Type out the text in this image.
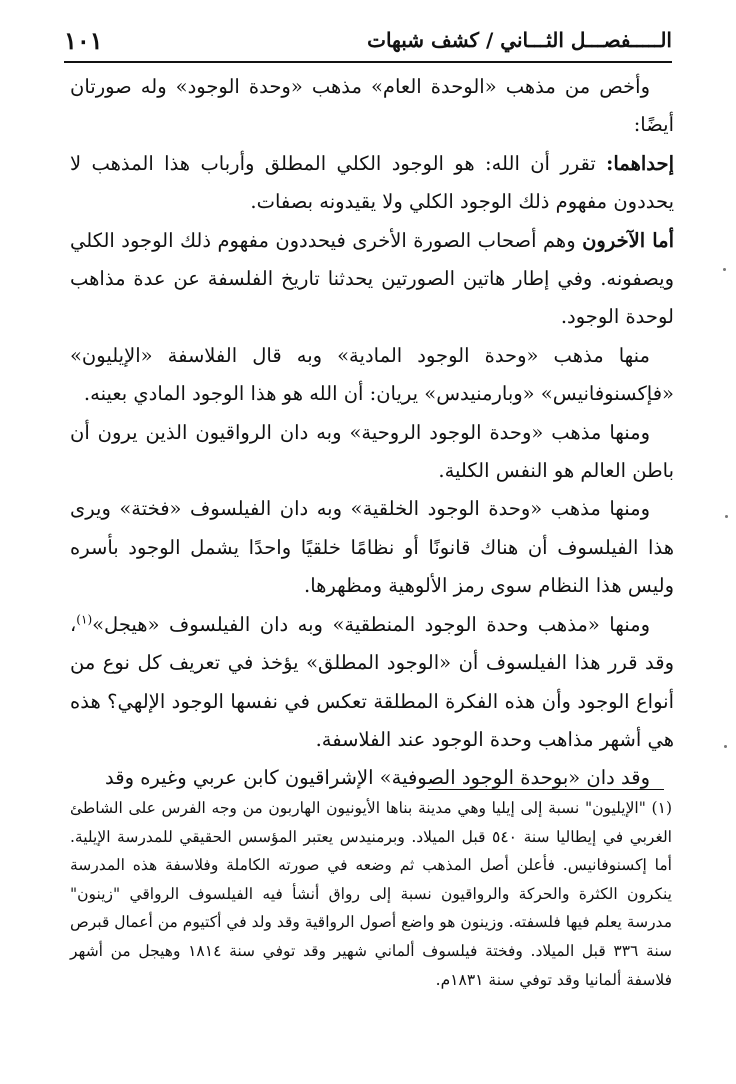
١٠١	الـــــفصـــل الثـــاني / كشف شبهات

وأخص من مذهب «الوحدة العام» مذهب «وحدة الوجود» وله صورتان أيضًا:

إحداهما: تقرر أن الله: هو الوجود الكلي المطلق وأرباب هذا المذهب لا يحددون مفهوم ذلك الوجود الكلي ولا يقيدونه بصفات.

أما الآخرون وهم أصحاب الصورة الأخرى فيحددون مفهوم ذلك الوجود الكلي ويصفونه. وفي إطار هاتين الصورتين يحدثنا تاريخ الفلسفة عن عدة مذاهب لوحدة الوجود.

منها مذهب «وحدة الوجود المادية» وبه قال الفلاسفة «الإيليون» «فإكسنوفانيس» «وبارمنيدس» يريان: أن الله هو هذا الوجود المادي بعينه.

ومنها مذهب «وحدة الوجود الروحية» وبه دان الرواقيون الذين يرون أن باطن العالم هو النفس الكلية.

ومنها مذهب «وحدة الوجود الخلقية» وبه دان الفيلسوف «فختة» ويرى هذا الفيلسوف أن هناك قانونًا أو نظامًا خلقيًا واحدًا يشمل الوجود بأسره وليس هذا النظام سوى رمز الألوهية ومظهرها.

ومنها «مذهب وحدة الوجود المنطقية» وبه دان الفيلسوف «هيجل»$^{(١)}$، وقد قرر هذا الفيلسوف أن «الوجود المطلق» يؤخذ في تعريف كل نوع من أنواع الوجود وأن هذه الفكرة المطلقة تعكس في نفسها الوجود الإلهي؟ هذه هي أشهر مذاهب وحدة الوجود عند الفلاسفة.

وقد دان «بوحدة الوجود الصوفية» الإشراقيون كابن عربي وغيره وقد

(١) "الإيليون" نسبة إلى إيليا وهي مدينة بناها الأيونيون الهاربون من وجه الفرس على الشاطئ الغربي في إيطاليا سنة ٥٤٠ قبل الميلاد. وبرمنيدس يعتبر المؤسس الحقيقي للمدرسة الإيلية. أما إكسنوفانيس. فأعلن أصل المذهب ثم وضعه في صورته الكاملة وفلاسفة هذه المدرسة ينكرون الكثرة والحركة والرواقيون نسبة إلى رواق أنشأ فيه الفيلسوف الرواقي "زينون" مدرسة يعلم فيها فلسفته. وزينون هو واضع أصول الرواقية وقد ولد في أكتيوم من أعمال قبرص سنة ٣٣٦ قبل الميلاد. وفختة فيلسوف ألماني شهير وقد توفي سنة ١٨١٤ وهيجل من أشهر فلاسفة ألمانيا وقد توفي سنة ١٨٣١م.
